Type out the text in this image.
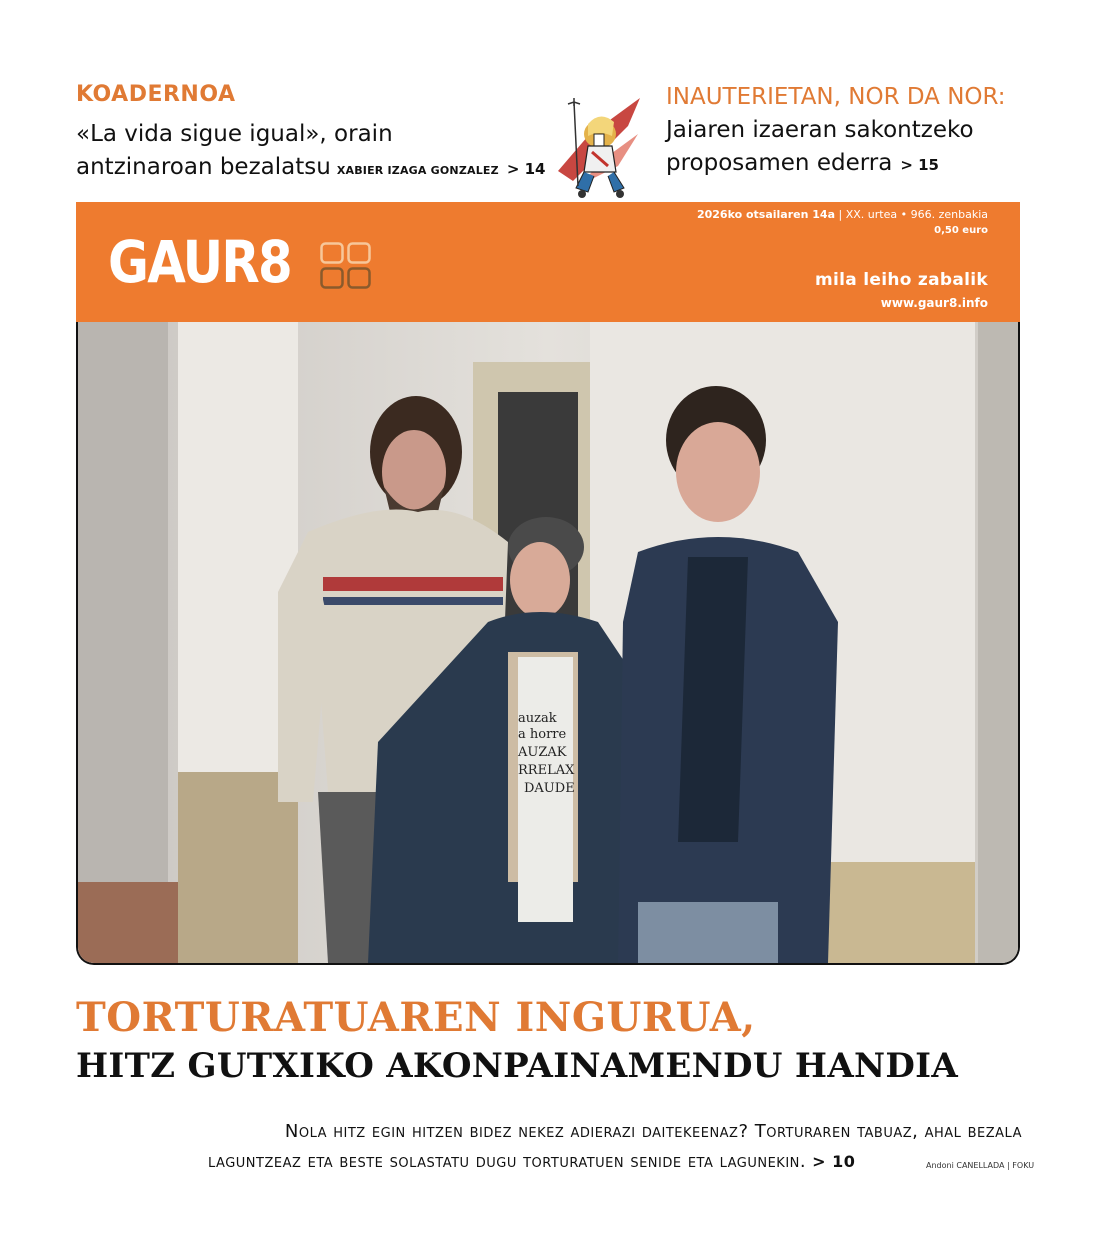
KOADERNOA
«La vida sigue igual», orain
antzinaroan bezalatsu XABIER IZAGA GONZALEZ > 14
INAUTERIETAN, NOR DA NOR:
Jaiaren izaeran sakontzeko
proposamen ederra > 15
GAUR8
2026ko otsailaren 14a | XX. urtea • 966. zenbakia
0,50 euro
mila leiho zabalik
www.gaur8.info
auzak
a horre
AUZAK
RRELAX
DAUDE
TORTURATUAREN INGURUA,
HITZ GUTXIKO AKONPAINAMENDU HANDIA
Nola hitz egin hitzen bidez nekez adierazi daitekeenaz? Torturaren tabuaz, ahal bezala
laguntzeaz eta beste solastatu dugu torturatuen senide eta lagunekin. > 10	Andoni CANELLADA | FOKU
